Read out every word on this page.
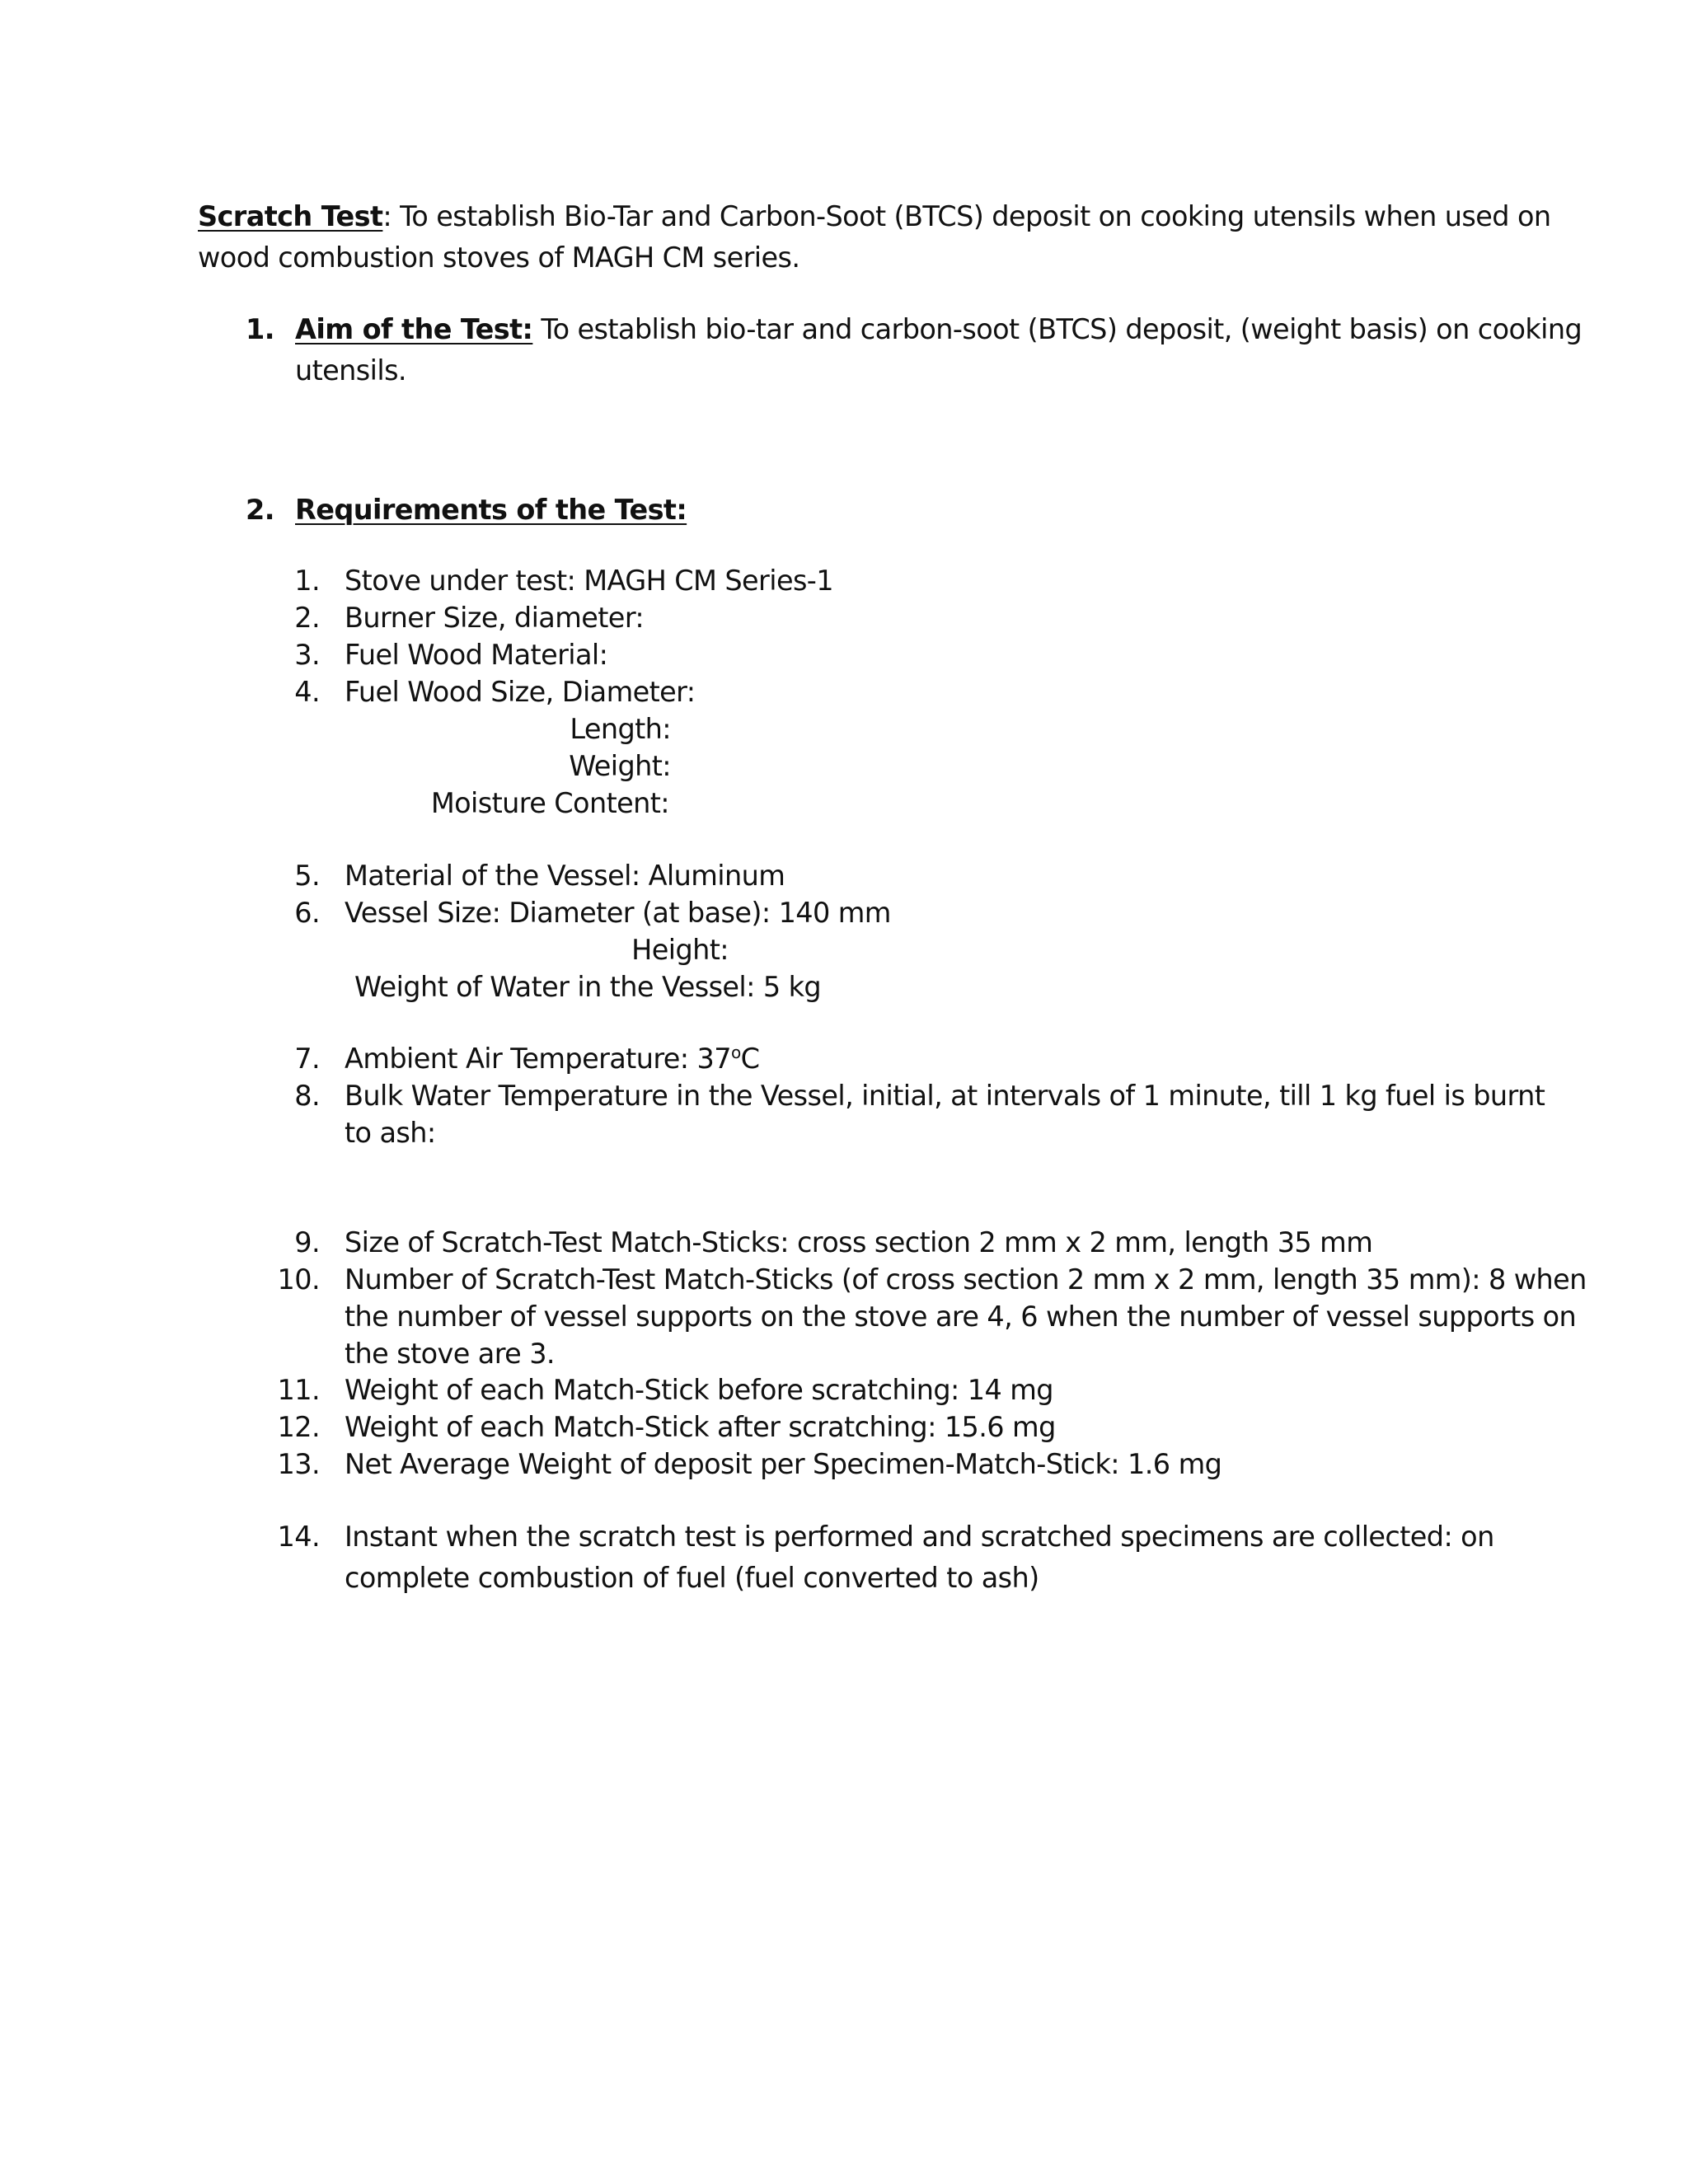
Scratch Test: To establish Bio-Tar and Carbon-Soot (BTCS) deposit on cooking utensils when used on
wood combustion stoves of MAGH CM series.
1. Aim of the Test: To establish bio-tar and carbon-soot (BTCS) deposit, (weight basis) on cooking
utensils.
2. Requirements of the Test:
1. Stove under test: MAGH CM Series-1
2. Burner Size, diameter:
3. Fuel Wood Material:
4. Fuel Wood Size, Diameter:
Length:
Weight:
Moisture Content:
5. Material of the Vessel: Aluminum
6. Vessel Size: Diameter (at base): 140 mm
Height:
Weight of Water in the Vessel: 5 kg
7. Ambient Air Temperature: 37$^o$C
8. Bulk Water Temperature in the Vessel, initial, at intervals of 1 minute, till 1 kg fuel is burnt
to ash:
9. Size of Scratch-Test Match-Sticks: cross section 2 mm x 2 mm, length 35 mm
10. Number of Scratch-Test Match-Sticks (of cross section 2 mm x 2 mm, length 35 mm): 8 when
the number of vessel supports on the stove are 4, 6 when the number of vessel supports on
the stove are 3.
11. Weight of each Match-Stick before scratching: 14 mg
12. Weight of each Match-Stick after scratching: 15.6 mg
13. Net Average Weight of deposit per Specimen-Match-Stick: 1.6 mg
14. Instant when the scratch test is performed and scratched specimens are collected: on
complete combustion of fuel (fuel converted to ash)
